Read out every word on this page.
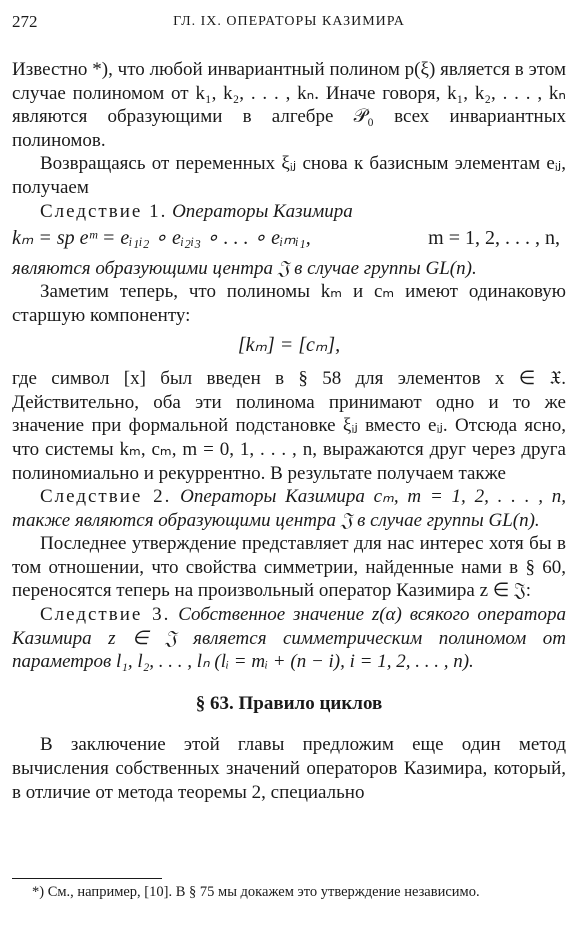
272	ГЛ. IX. ОПЕРАТОРЫ КАЗИМИРА

Известно *), что любой инвариантный полином p(ξ) является в этом случае полиномом от k₁, k₂, . . . , kₙ. Иначе говоря, k₁, k₂, . . . , kₙ являются образующими в алгебре 𝒫₀ всех инвариантных полиномов.

Возвращаясь от переменных ξᵢⱼ снова к базисным элементам eᵢⱼ, получаем

Следствие 1. Операторы Казимира

kₘ = sp eᵐ = eᵢ₁ᵢ₂ ∘ eᵢ₂ᵢ₃ ∘ . . . ∘ eᵢₘᵢ₁,	m = 1, 2, . . . , n,

являются образующими центра 𝔍 в случае группы GL(n).

Заметим теперь, что полиномы kₘ и cₘ имеют одинаковую старшую компоненту:

[kₘ] = [cₘ],

где символ [x] был введен в § 58 для элементов x ∈ 𝔛. Действительно, оба эти полинома принимают одно и то же значение при формальной подстановке ξᵢⱼ вместо eᵢⱼ. Отсюда ясно, что системы kₘ, cₘ, m = 0, 1, . . . , n, выражаются друг через друга полиномиально и рекуррентно. В результате получаем также

Следствие 2. Операторы Казимира cₘ, m = 1, 2, . . . , n, также являются образующими центра 𝔍 в случае группы GL(n).

Последнее утверждение представляет для нас интерес хотя бы в том отношении, что свойства симметрии, найденные нами в § 60, переносятся теперь на произвольный оператор Казимира z ∈ 𝔍:

Следствие 3. Собственное значение z(α) всякого оператора Казимира z ∈ 𝔍 является симметрическим полиномом от параметров l₁, l₂, . . . , lₙ (lᵢ = mᵢ + (n − i), i = 1, 2, . . . , n).

§ 63. Правило циклов

В заключение этой главы предложим еще один метод вычисления собственных значений операторов Казимира, который, в отличие от метода теоремы 2, специально

*) См., например, [10]. В § 75 мы докажем это утверждение независимо.
